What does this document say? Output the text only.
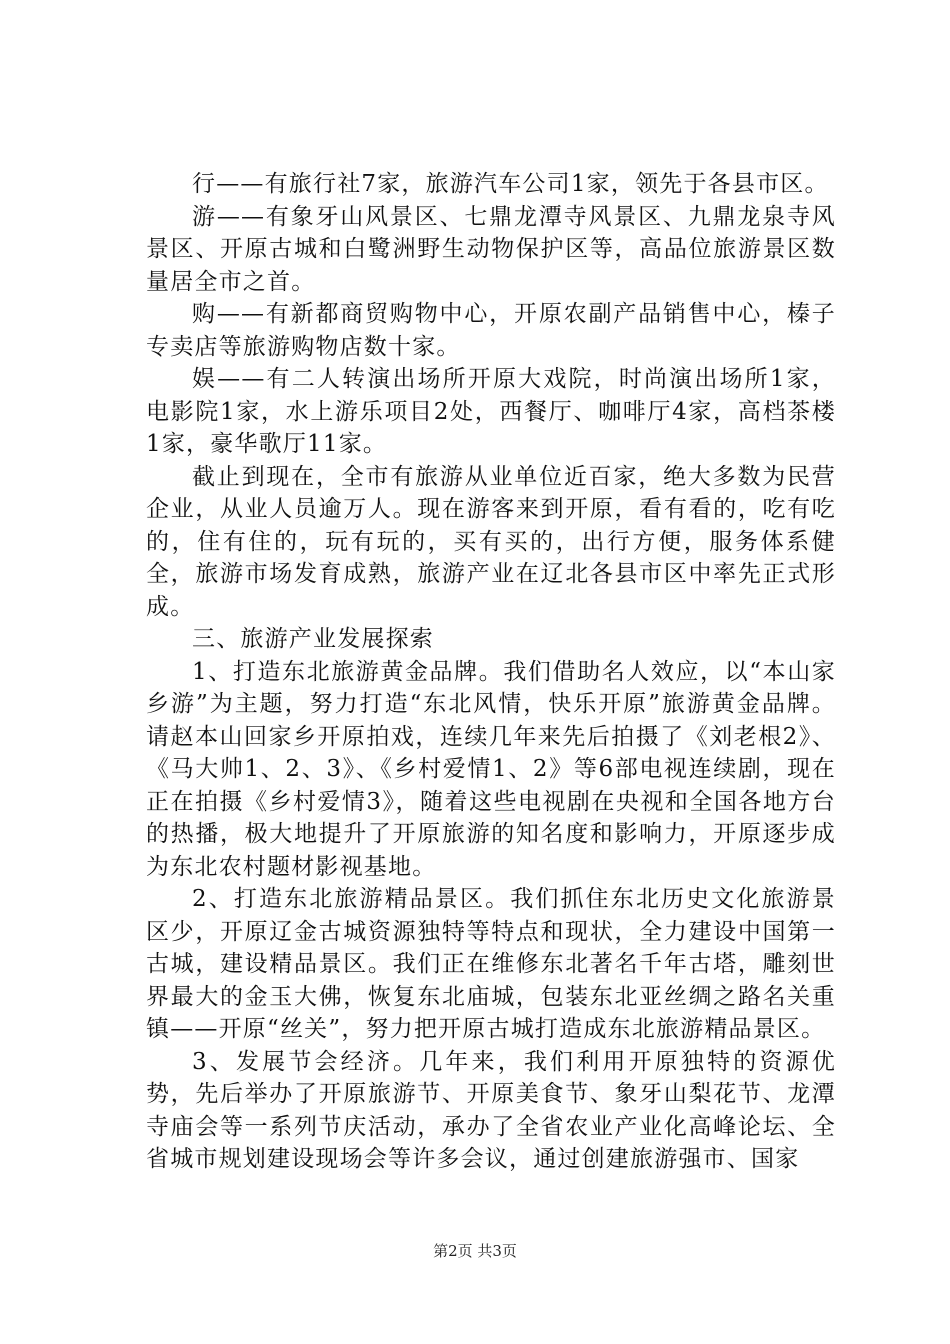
行——有旅行社7家，旅游汽车公司1家，领先于各县市区。

游——有象牙山风景区、七鼎龙潭寺风景区、九鼎龙泉寺风景区、开原古城和白鹭洲野生动物保护区等，高品位旅游景区数量居全市之首。

购——有新都商贸购物中心，开原农副产品销售中心，榛子专卖店等旅游购物店数十家。

娱——有二人转演出场所开原大戏院，时尚演出场所1家，电影院1家，水上游乐项目2处，西餐厅、咖啡厅4家，高档茶楼1家，豪华歌厅11家。

截止到现在，全市有旅游从业单位近百家，绝大多数为民营企业，从业人员逾万人。现在游客来到开原，看有看的，吃有吃的，住有住的，玩有玩的，买有买的，出行方便，服务体系健全，旅游市场发育成熟，旅游产业在辽北各县市区中率先正式形成。

三、旅游产业发展探索

1、打造东北旅游黄金品牌。我们借助名人效应，以“本山家乡游”为主题，努力打造“东北风情，快乐开原”旅游黄金品牌。请赵本山回家乡开原拍戏，连续几年来先后拍摄了《刘老根2》、《马大帅1、2、3》、《乡村爱情1、2》等6部电视连续剧，现在正在拍摄《乡村爱情3》，随着这些电视剧在央视和全国各地方台的热播，极大地提升了开原旅游的知名度和影响力，开原逐步成为东北农村题材影视基地。

2、打造东北旅游精品景区。我们抓住东北历史文化旅游景区少，开原辽金古城资源独特等特点和现状，全力建设中国第一古城，建设精品景区。我们正在维修东北著名千年古塔，雕刻世界最大的金玉大佛，恢复东北庙城，包装东北亚丝绸之路名关重镇——开原“丝关”，努力把开原古城打造成东北旅游精品景区。

3、发展节会经济。几年来，我们利用开原独特的资源优势，先后举办了开原旅游节、开原美食节、象牙山梨花节、龙潭寺庙会等一系列节庆活动，承办了全省农业产业化高峰论坛、全省城市规划建设现场会等许多会议，通过创建旅游强市、国家

第2页 共3页
